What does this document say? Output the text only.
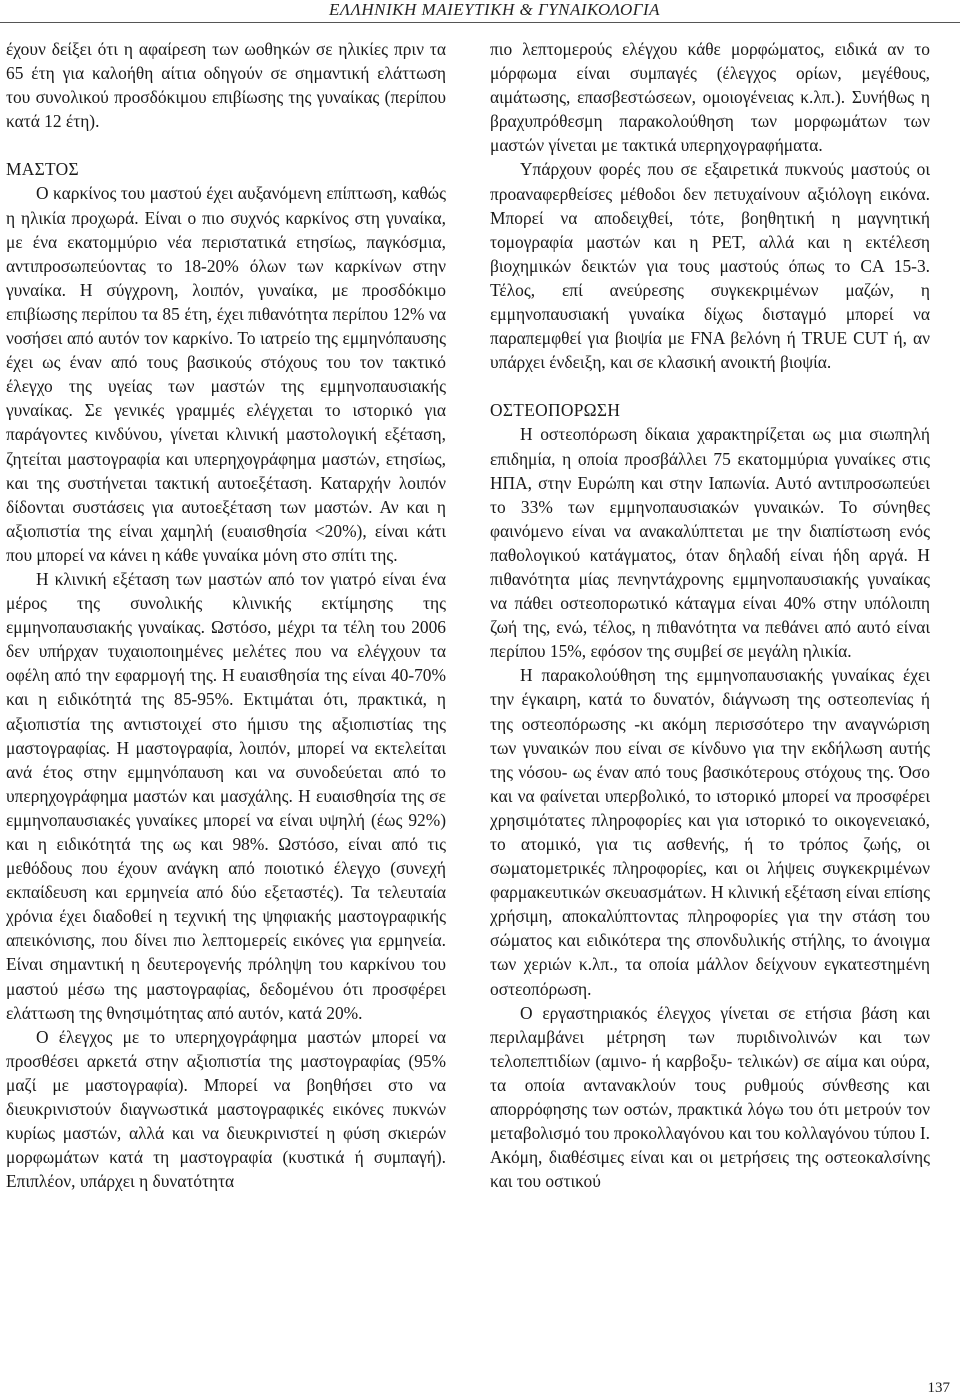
ΕΛΛΗΝΙΚΗ ΜΑΙΕΥΤΙΚΗ & ΓΥΝΑΙΚΟΛΟΓΙΑ

έχουν δείξει ότι η αφαίρεση των ωοθηκών σε ηλικίες πριν τα 65 έτη για καλοήθη αίτια οδηγούν σε σημαντική ελάττωση του συνολικού προσδόκιμου επιβίωσης της γυναίκας (περίπου κατά 12 έτη).

ΜΑΣΤΟΣ

Ο καρκίνος του μαστού έχει αυξανόμενη επίπτωση, καθώς η ηλικία προχωρά. Είναι ο πιο συχνός καρκίνος στη γυναίκα, με ένα εκατομμύριο νέα περιστατικά ετησίως, παγκόσμια, αντιπροσωπεύοντας το 18-20% όλων των καρκίνων στην γυναίκα. Η σύγχρονη, λοιπόν, γυναίκα, με προσδόκιμο επιβίωσης περίπου τα 85 έτη, έχει πιθανότητα περίπου 12% να νοσήσει από αυτόν τον καρκίνο. Το ιατρείο της εμμηνόπαυσης έχει ως έναν από τους βασικούς στόχους του τον τακτικό έλεγχο της υγείας των μαστών της εμμηνοπαυσιακής γυναίκας. Σε γενικές γραμμές ελέγχεται το ιστορικό για παράγοντες κινδύνου, γίνεται κλινική μαστολογική εξέταση, ζητείται μαστογραφία και υπερηχογράφημα μαστών, ετησίως, και της συστήνεται τακτική αυτοεξέταση. Καταρχήν λοιπόν δίδονται συστάσεις για αυτοεξέταση των μαστών. Αν και η αξιοπιστία της είναι χαμηλή (ευαισθησία <20%), είναι κάτι που μπορεί να κάνει η κάθε γυναίκα μόνη στο σπίτι της.

Η κλινική εξέταση των μαστών από τον γιατρό είναι ένα μέρος της συνολικής κλινικής εκτίμησης της εμμηνοπαυσιακής γυναίκας. Ωστόσο, μέχρι τα τέλη του 2006 δεν υπήρχαν τυχαιοποιημένες μελέτες που να ελέγχουν τα οφέλη από την εφαρμογή της. Η ευαισθησία της είναι 40-70% και η ειδικότητά της 85-95%. Εκτιμάται ότι, πρακτικά, η αξιοπιστία της αντιστοιχεί στο ήμισυ της αξιοπιστίας της μαστογραφίας. Η μαστογραφία, λοιπόν, μπορεί να εκτελείται ανά έτος στην εμμηνόπαυση και να συνοδεύεται από το υπερηχογράφημα μαστών και μασχάλης. Η ευαισθησία της σε εμμηνοπαυσιακές γυναίκες μπορεί να είναι υψηλή (έως 92%) και η ειδικότητά της ως και 98%. Ωστόσο, είναι από τις μεθόδους που έχουν ανάγκη από ποιοτικό έλεγχο (συνεχή εκπαίδευση και ερμηνεία από δύο εξεταστές). Τα τελευταία χρόνια έχει διαδοθεί η τεχνική της ψηφιακής μαστογραφικής απεικόνισης, που δίνει πιο λεπτομερείς εικόνες για ερμηνεία. Είναι σημαντική η δευτερογενής πρόληψη του καρκίνου του μαστού μέσω της μαστογραφίας, δεδομένου ότι προσφέρει ελάττωση της θνησιμότητας από αυτόν, κατά 20%.

Ο έλεγχος με το υπερηχογράφημα μαστών μπορεί να προσθέσει αρκετά στην αξιοπιστία της μαστογραφίας (95% μαζί με μαστογραφία). Μπορεί να βοηθήσει στο να διευκρινιστούν διαγνωστικά μαστογραφικές εικόνες πυκνών κυρίως μαστών, αλλά και να διευκρινιστεί η φύση σκιερών μορφωμάτων κατά τη μαστογραφία (κυστικά ή συμπαγή). Επιπλέον, υπάρχει η δυνατότητα

πιο λεπτομερούς ελέγχου κάθε μορφώματος, ειδικά αν το μόρφωμα είναι συμπαγές (έλεγχος ορίων, μεγέθους, αιμάτωσης, επασβεστώσεων, ομοιογένειας κ.λπ.). Συνήθως η βραχυπρόθεσμη παρακολούθηση των μορφωμάτων των μαστών γίνεται με τακτικά υπερηχογραφήματα.

Υπάρχουν φορές που σε εξαιρετικά πυκνούς μαστούς οι προαναφερθείσες μέθοδοι δεν πετυχαίνουν αξιόλογη εικόνα. Μπορεί να αποδειχθεί, τότε, βοηθητική η μαγνητική τομογραφία μαστών και η PET, αλλά και η εκτέλεση βιοχημικών δεικτών για τους μαστούς όπως το CA 15-3. Τέλος, επί ανεύρεσης συγκεκριμένων μαζών, η εμμηνοπαυσιακή γυναίκα δίχως δισταγμό μπορεί να παραπεμφθεί για βιοψία με FNA βελόνη ή TRUE CUT ή, αν υπάρχει ένδειξη, και σε κλασική ανοικτή βιοψία.

ΟΣΤΕΟΠΟΡΩΣΗ

Η οστεοπόρωση δίκαια χαρακτηρίζεται ως μια σιωπηλή επιδημία, η οποία προσβάλλει 75 εκατομμύρια γυναίκες στις ΗΠΑ, στην Ευρώπη και στην Ιαπωνία. Αυτό αντιπροσωπεύει το 33% των εμμηνοπαυσιακών γυναικών. Το σύνηθες φαινόμενο είναι να ανακαλύπτεται με την διαπίστωση ενός παθολογικού κατάγματος, όταν δηλαδή είναι ήδη αργά. Η πιθανότητα μίας πενηντάχρονης εμμηνοπαυσιακής γυναίκας να πάθει οστεοπορωτικό κάταγμα είναι 40% στην υπόλοιπη ζωή της, ενώ, τέλος, η πιθανότητα να πεθάνει από αυτό είναι περίπου 15%, εφόσον της συμβεί σε μεγάλη ηλικία.

Η παρακολούθηση της εμμηνοπαυσιακής γυναίκας έχει την έγκαιρη, κατά το δυνατόν, διάγνωση της οστεοπενίας ή της οστεοπόρωσης -κι ακόμη περισσότερο την αναγνώριση των γυναικών που είναι σε κίνδυνο για την εκδήλωση αυτής της νόσου- ως έναν από τους βασικότερους στόχους της. Όσο και να φαίνεται υπερβολικό, το ιστορικό μπορεί να προσφέρει χρησιμότατες πληροφορίες και για ιστορικό το οικογενειακό, το ατομικό, για τις ασθενής, ή το τρόπος ζωής, οι σωματομετρικές πληροφορίες, και οι λήψεις συγκεκριμένων φαρμακευτικών σκευασμάτων. Η κλινική εξέταση είναι επίσης χρήσιμη, αποκαλύπτοντας πληροφορίες για την στάση του σώματος και ειδικότερα της σπονδυλικής στήλης, το άνοιγμα των χεριών κ.λπ., τα οποία μάλλον δείχνουν εγκατεστημένη οστεοπόρωση.

Ο εργαστηριακός έλεγχος γίνεται σε ετήσια βάση και περιλαμβάνει μέτρηση των πυριδινολινών και των τελοπεπτιδίων (αμινο- ή καρβοξυ- τελικών) σε αίμα και ούρα, τα οποία αντανακλούν τους ρυθμούς σύνθεσης και απορρόφησης των οστών, πρακτικά λόγω του ότι μετρούν τον μεταβολισμό του προκολλαγόνου και του κολλαγόνου τύπου Ι. Ακόμη, διαθέσιμες είναι και οι μετρήσεις της οστεοκαλσίνης και του οστικού

137
